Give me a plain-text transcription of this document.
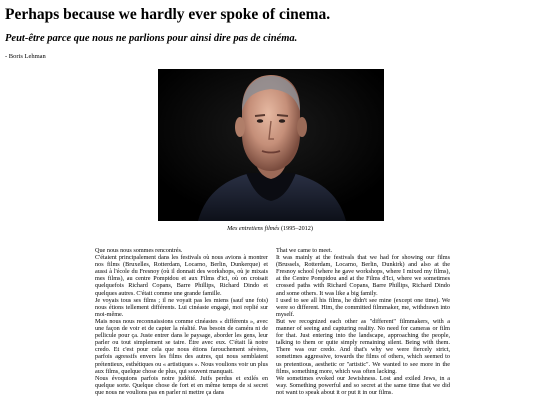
Perhaps because we hardly ever spoke of cinema.
Peut-être parce que nous ne parlions pour ainsi dire pas de cinéma.
- Boris Lehman
Mes entretiens filmés (1995–2012)

Que nous nous sommes rencontrés.

C'étaient principalement dans les festivals où nous avions à montrer nos films (Bruxelles, Rotterdam, Locarno, Berlin, Dunkerque) et aussi à l'école du Fresnoy (où il donnait des workshops, où je mixais mes films), au centre Pompidou et aux Films d'ici, où on croisait quelquefois Richard Copans, Barre Phillips, Richard Dindo et quelques autres. C'était comme une grande famille.

Je voyais tous ses films ; il ne voyait pas les miens (sauf une fois) nous étions tellement différents. Lui cinéaste engagé, moi replié sur moi-même.

Mais nous nous reconnaissions comme cinéastes « différents », avec une façon de voir et de capter la réalité. Pas besoin de caméra ni de pellicule pour ça. Juste entrer dans le paysage, aborder les gens, leur parler ou tout simplement se taire. Être avec eux. C'était là notre credo. Et c'est pour cela que nous étions farouchement sévères, parfois agressifs envers les films des autres, qui nous semblaient prétentieux, esthétiques ou « artistiques ». Nous voulions voir un plus aux films, quelque chose de plus, qui souvent manquait.

Nous évoquions parfois notre judéité. Juifs perdus et exilés en quelque sorte. Quelque chose de fort et en même temps de si secret que nous ne voulions pas en parler ni mettre ça dans

That we came to meet.

It was mainly at the festivals that we had for showing our films (Brussels, Rotterdam, Locarno, Berlin, Dunkirk) and also at the Fresnoy school (where he gave workshops, where I mixed my films), at the Centre Pompidou and at the Films d'Ici, where we sometimes crossed paths with Richard Copans, Barre Phillips, Richard Dindo and some others. It was like a big family.

I used to see all his films, he didn't see mine (except one time). We were so different. Him, the committed filmmaker, me, withdrawn into myself.

But we recognized each other as "different" filmmakers, with a manner of seeing and capturing reality. No need for cameras or film for that. Just entering into the landscape, approaching the people, talking to them or quite simply remaining silent. Being with them. There was our credo. And that's why we were fiercely strict, sometimes aggressive, towards the films of others, which seemed to us pretentious, aesthetic or "artistic". We wanted to see more in the films, something more, which was often lacking.

We sometimes evoked our Jewishness. Lost and exiled Jews, in a way. Something powerful and so secret at the same time that we did not want to speak about it or put it in our films.
